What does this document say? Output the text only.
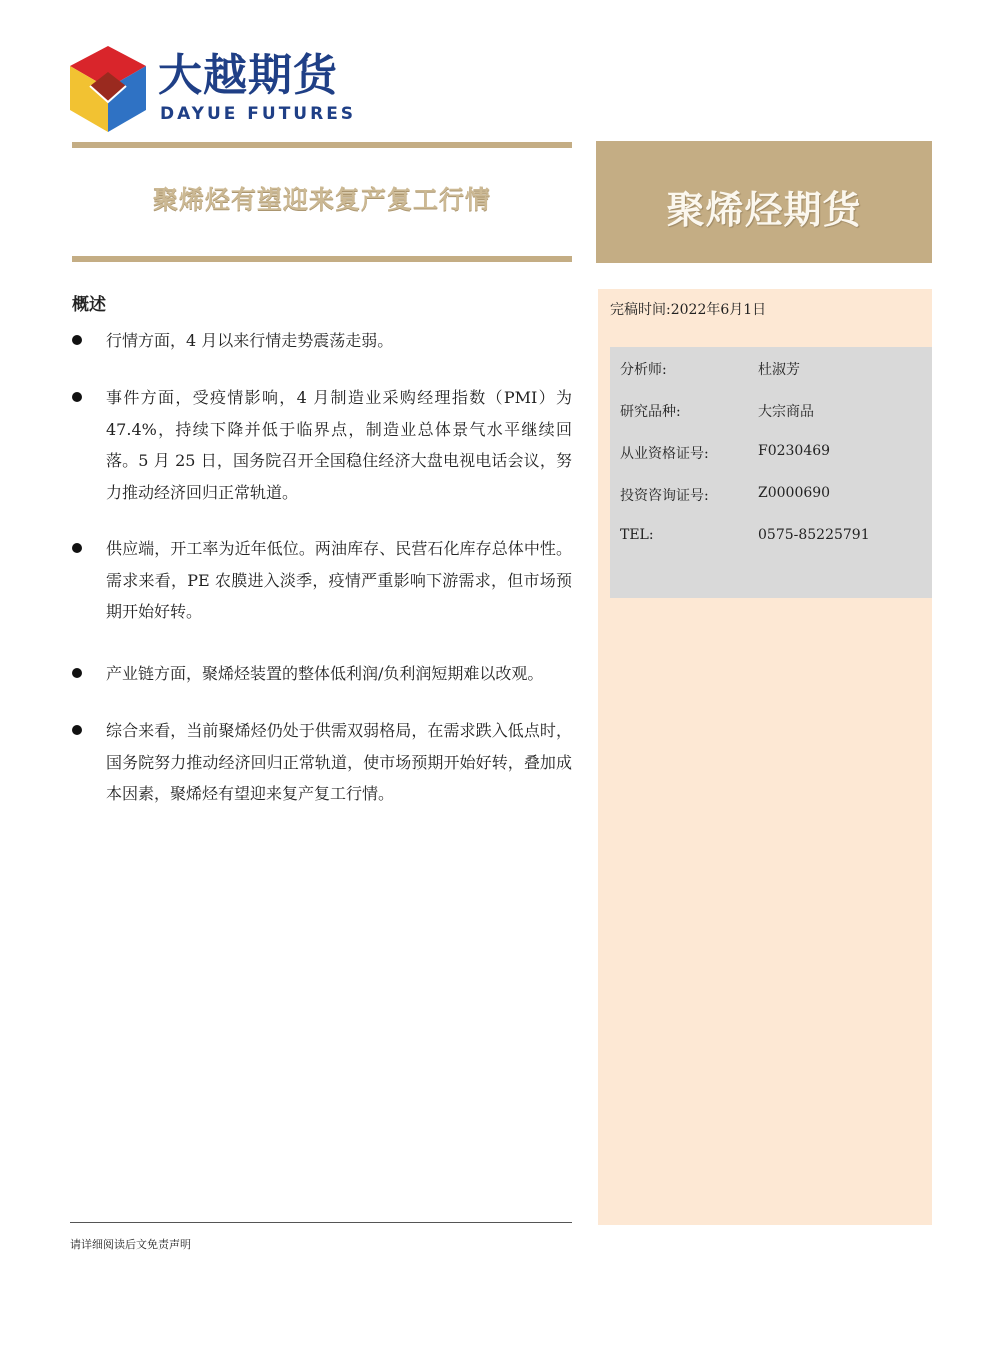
大越期货
DAYUE FUTURES
聚烯烃有望迎来复产复工行情	聚烯烃期货
完稿时间:2022年6月1日
分析师:	杜淑芳
研究品种:	大宗商品
从业资格证号:	F0230469
投资咨询证号:	Z0000690
TEL:	0575-85225791
概述
行情方面，4 月以来行情走势震荡走弱。
事件方面，受疫情影响，4 月制造业采购经理指数（PMI）为 47.4%，持续下降并低于临界点，制造业总体景气水平继续回落。5 月 25 日，国务院召开全国稳住经济大盘电视电话会议，努力推动经济回归正常轨道。
供应端，开工率为近年低位。两油库存、民营石化库存总体中性。需求来看，PE 农膜进入淡季，疫情严重影响下游需求，但市场预期开始好转。
产业链方面，聚烯烃装置的整体低利润/负利润短期难以改观。
综合来看，当前聚烯烃仍处于供需双弱格局，在需求跌入低点时，国务院努力推动经济回归正常轨道，使市场预期开始好转，叠加成本因素，聚烯烃有望迎来复产复工行情。
请详细阅读后文免责声明
